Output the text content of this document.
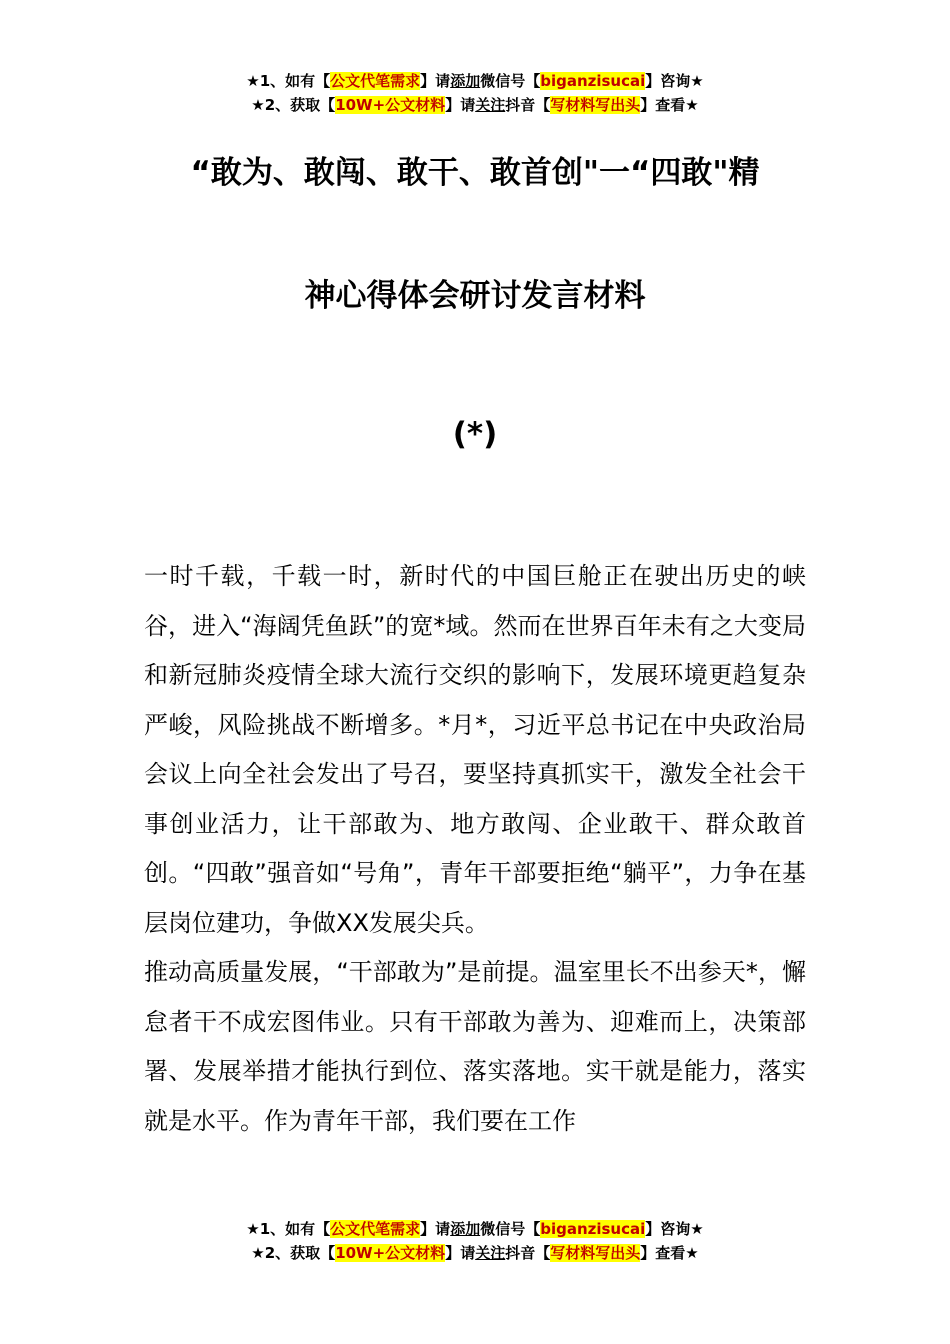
★1、如有【公文代笔需求】请添加微信号【biganzisucai】咨询★
★2、获取【10W+公文材料】请关注抖音【写材料写出头】查看★
“敢为、敢闯、敢干、敢首创"一“四敢"精
神心得体会研讨发言材料
(*)

一时千载，千载一时，新时代的中国巨舱正在驶出历史的峡谷，进入“海阔凭鱼跃”的宽*域。然而在世界百年未有之大变局和新冠肺炎疫情全球大流行交织的影响下，发展环境更趋复杂严峻，风险挑战不断增多。*月*，习近平总书记在中央政治局会议上向全社会发出了号召，要坚持真抓实干，激发全社会干事创业活力，让干部敢为、地方敢闯、企业敢干、群众敢首创。“四敢”强音如“号角”，青年干部要拒绝“躺平”，力争在基层岗位建功，争做XX发展尖兵。

推动高质量发展，“干部敢为”是前提。温室里长不出参天*，懈怠者干不成宏图伟业。只有干部敢为善为、迎难而上，决策部署、发展举措才能执行到位、落实落地。实干就是能力，落实就是水平。作为青年干部，我们要在工作

★1、如有【公文代笔需求】请添加微信号【biganzisucai】咨询★
★2、获取【10W+公文材料】请关注抖音【写材料写出头】查看★
